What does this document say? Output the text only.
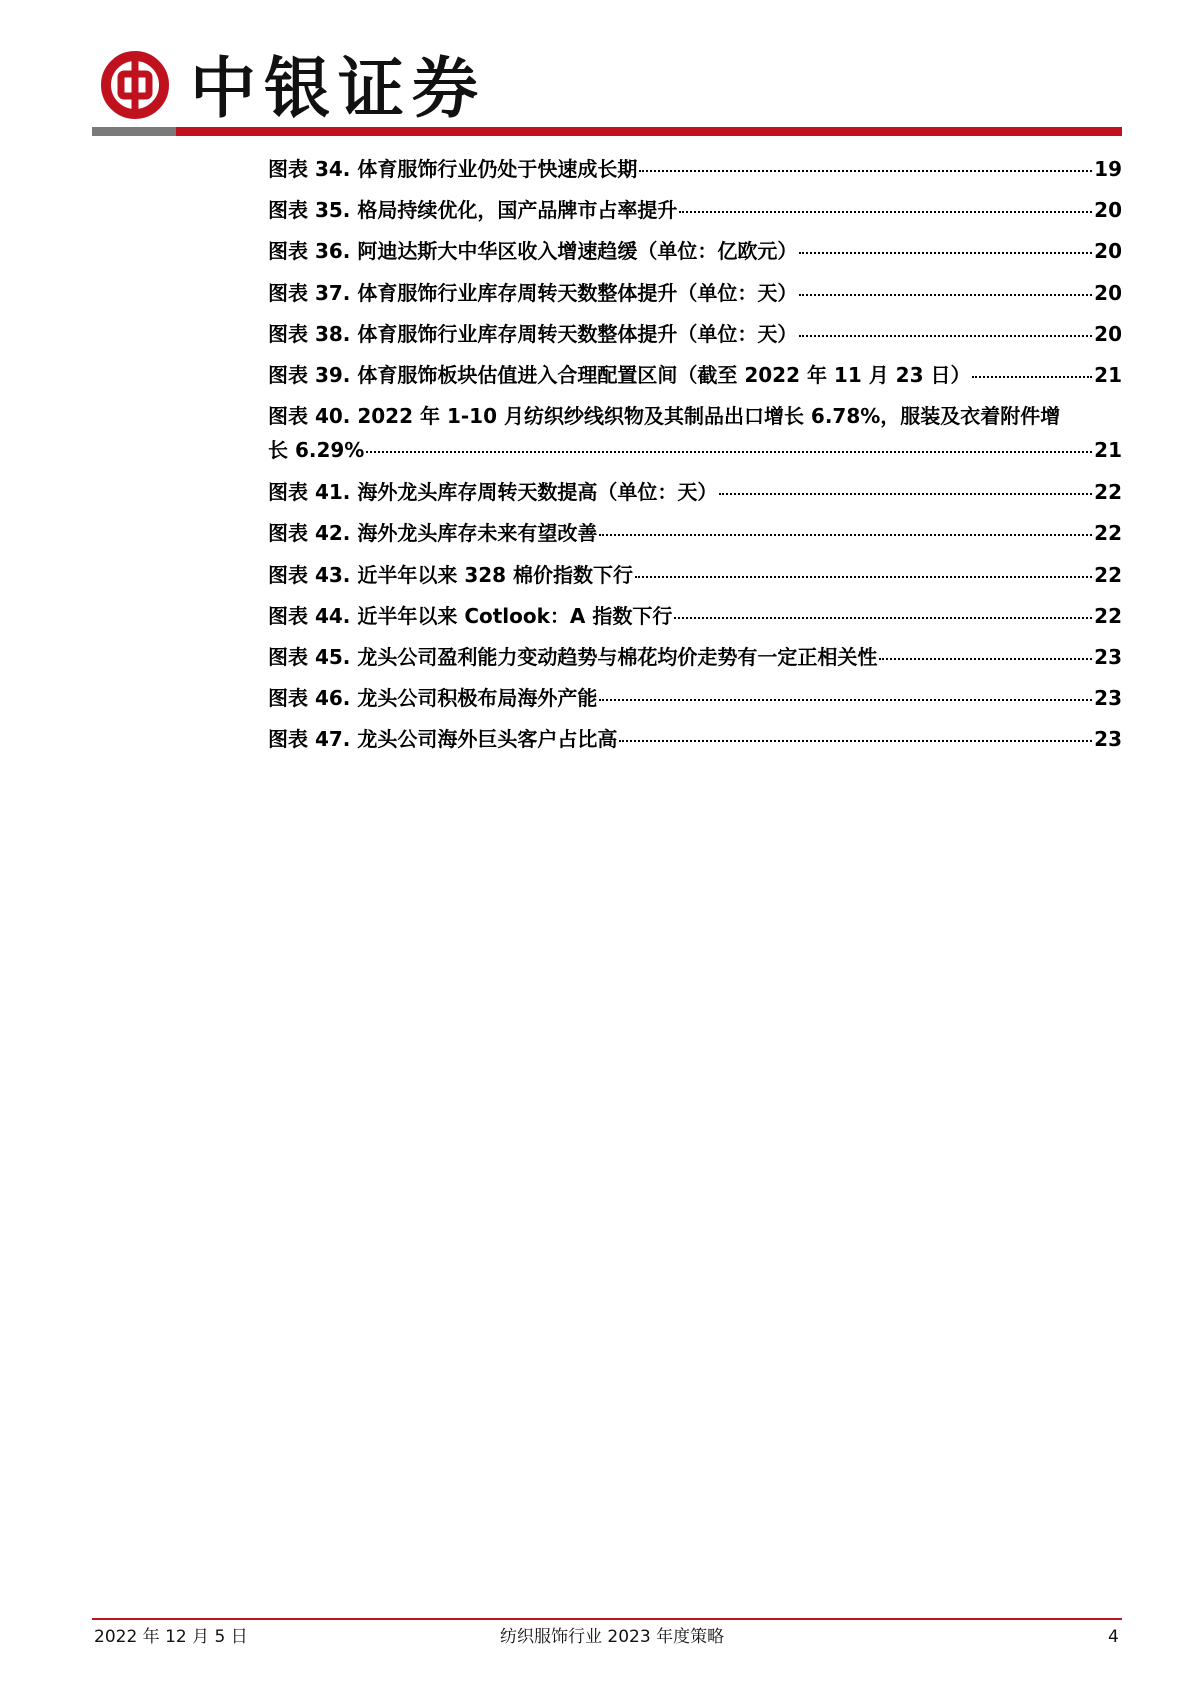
中银证券
图表 34. 体育服饰行业仍处于快速成长期	19
图表 35. 格局持续优化，国产品牌市占率提升	20
图表 36. 阿迪达斯大中华区收入增速趋缓（单位：亿欧元）	20
图表 37. 体育服饰行业库存周转天数整体提升（单位：天）	20
图表 38. 体育服饰行业库存周转天数整体提升（单位：天）	20
图表 39. 体育服饰板块估值进入合理配置区间（截至 2022 年 11 月 23 日）	21
图表 40. 2022 年 1-10 月纺织纱线织物及其制品出口增长 6.78%，服装及衣着附件增
长 6.29%	21
图表 41. 海外龙头库存周转天数提高（单位：天）	22
图表 42. 海外龙头库存未来有望改善	22
图表 43. 近半年以来 328 棉价指数下行	22
图表 44. 近半年以来 Cotlook：A 指数下行	22
图表 45. 龙头公司盈利能力变动趋势与棉花均价走势有一定正相关性	23
图表 46. 龙头公司积极布局海外产能	23
图表 47. 龙头公司海外巨头客户占比高	23
2022 年 12 月 5 日	纺织服饰行业 2023 年度策略	4
